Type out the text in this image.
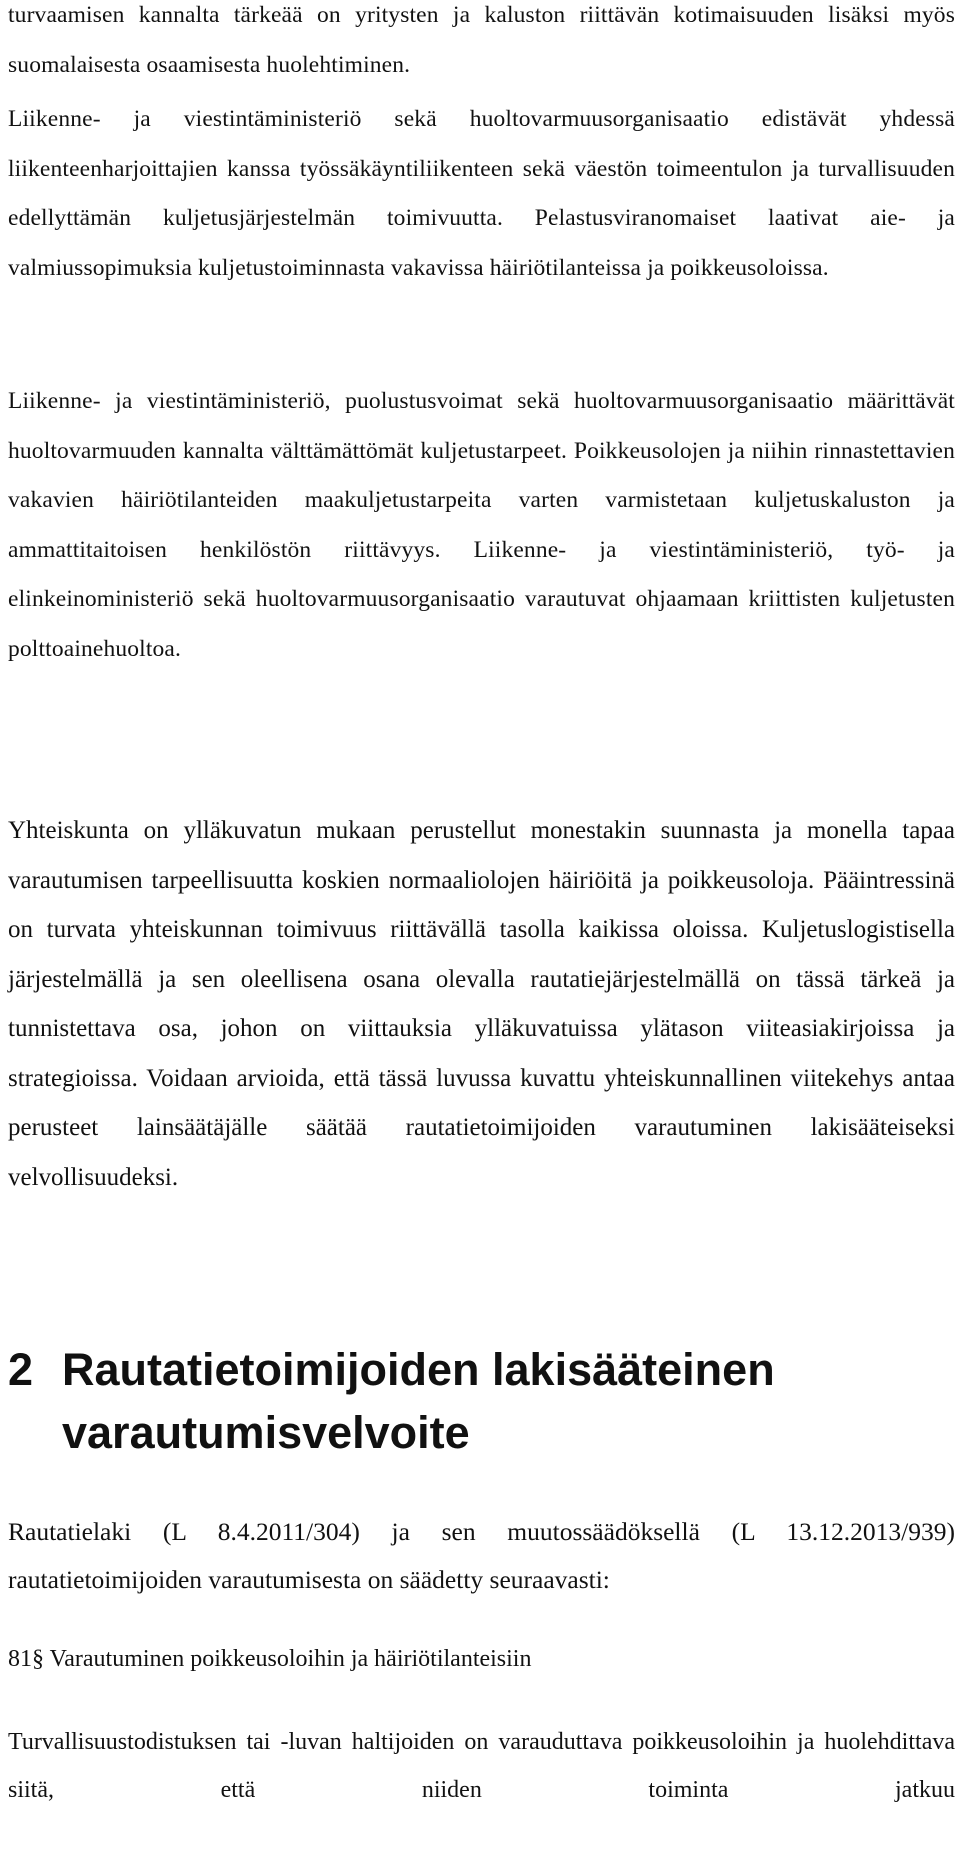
turvaamisen kannalta tärkeää on yritysten ja kaluston riittävän kotimaisuuden lisäksi myös suomalaisesta osaamisesta huolehtiminen.

Liikenne- ja viestintäministeriö sekä huoltovarmuusorganisaatio edistävät yhdessä liikenteenharjoittajien kanssa työssäkäyntiliikenteen sekä väestön toimeentulon ja turvallisuuden edellyttämän kuljetusjärjestelmän toimivuutta. Pelastusviranomaiset laativat aie- ja valmiussopimuksia kuljetustoiminnasta vakavissa häiriötilanteissa ja poikkeusoloissa.

Liikenne- ja viestintäministeriö, puolustusvoimat sekä huoltovarmuusorganisaatio määrittävät huoltovarmuuden kannalta välttämättömät kuljetustarpeet. Poikkeusolojen ja niihin rinnastettavien vakavien häiriötilanteiden maakuljetustarpeita varten varmistetaan kuljetuskaluston ja ammattitaitoisen henkilöstön riittävyys. Liikenne- ja viestintäministeriö, työ- ja elinkeinoministeriö sekä huoltovarmuusorganisaatio varautuvat ohjaamaan kriittisten kuljetusten polttoainehuoltoa.

Yhteiskunta on ylläkuvatun mukaan perustellut monestakin suunnasta ja monella tapaa varautumisen tarpeellisuutta koskien normaaliolojen häiriöitä ja poikkeusoloja. Pääintressinä on turvata yhteiskunnan toimivuus riittävällä tasolla kaikissa oloissa. Kuljetuslogistisella järjestelmällä ja sen oleellisena osana olevalla rautatiejärjestelmällä on tässä tärkeä ja tunnistettava osa, johon on viittauksia ylläkuvatuissa ylätason viiteasiakirjoissa ja strategioissa. Voidaan arvioida, että tässä luvussa kuvattu yhteiskunnallinen viitekehys antaa perusteet lainsäätäjälle säätää rautatietoimijoiden varautuminen lakisääteiseksi velvollisuudeksi.

2 Rautatietoimijoiden lakisääteinen
varautumisvelvoite

Rautatielaki (L 8.4.2011/304) ja sen muutossäädöksellä (L 13.12.2013/939) rautatietoimijoiden varautumisesta on säädetty seuraavasti:

81§ Varautuminen poikkeusoloihin ja häiriötilanteisiin

Turvallisuustodistuksen tai -luvan haltijoiden on varauduttava poikkeusoloihin ja huolehdittava siitä, että niiden toiminta jatkuu
